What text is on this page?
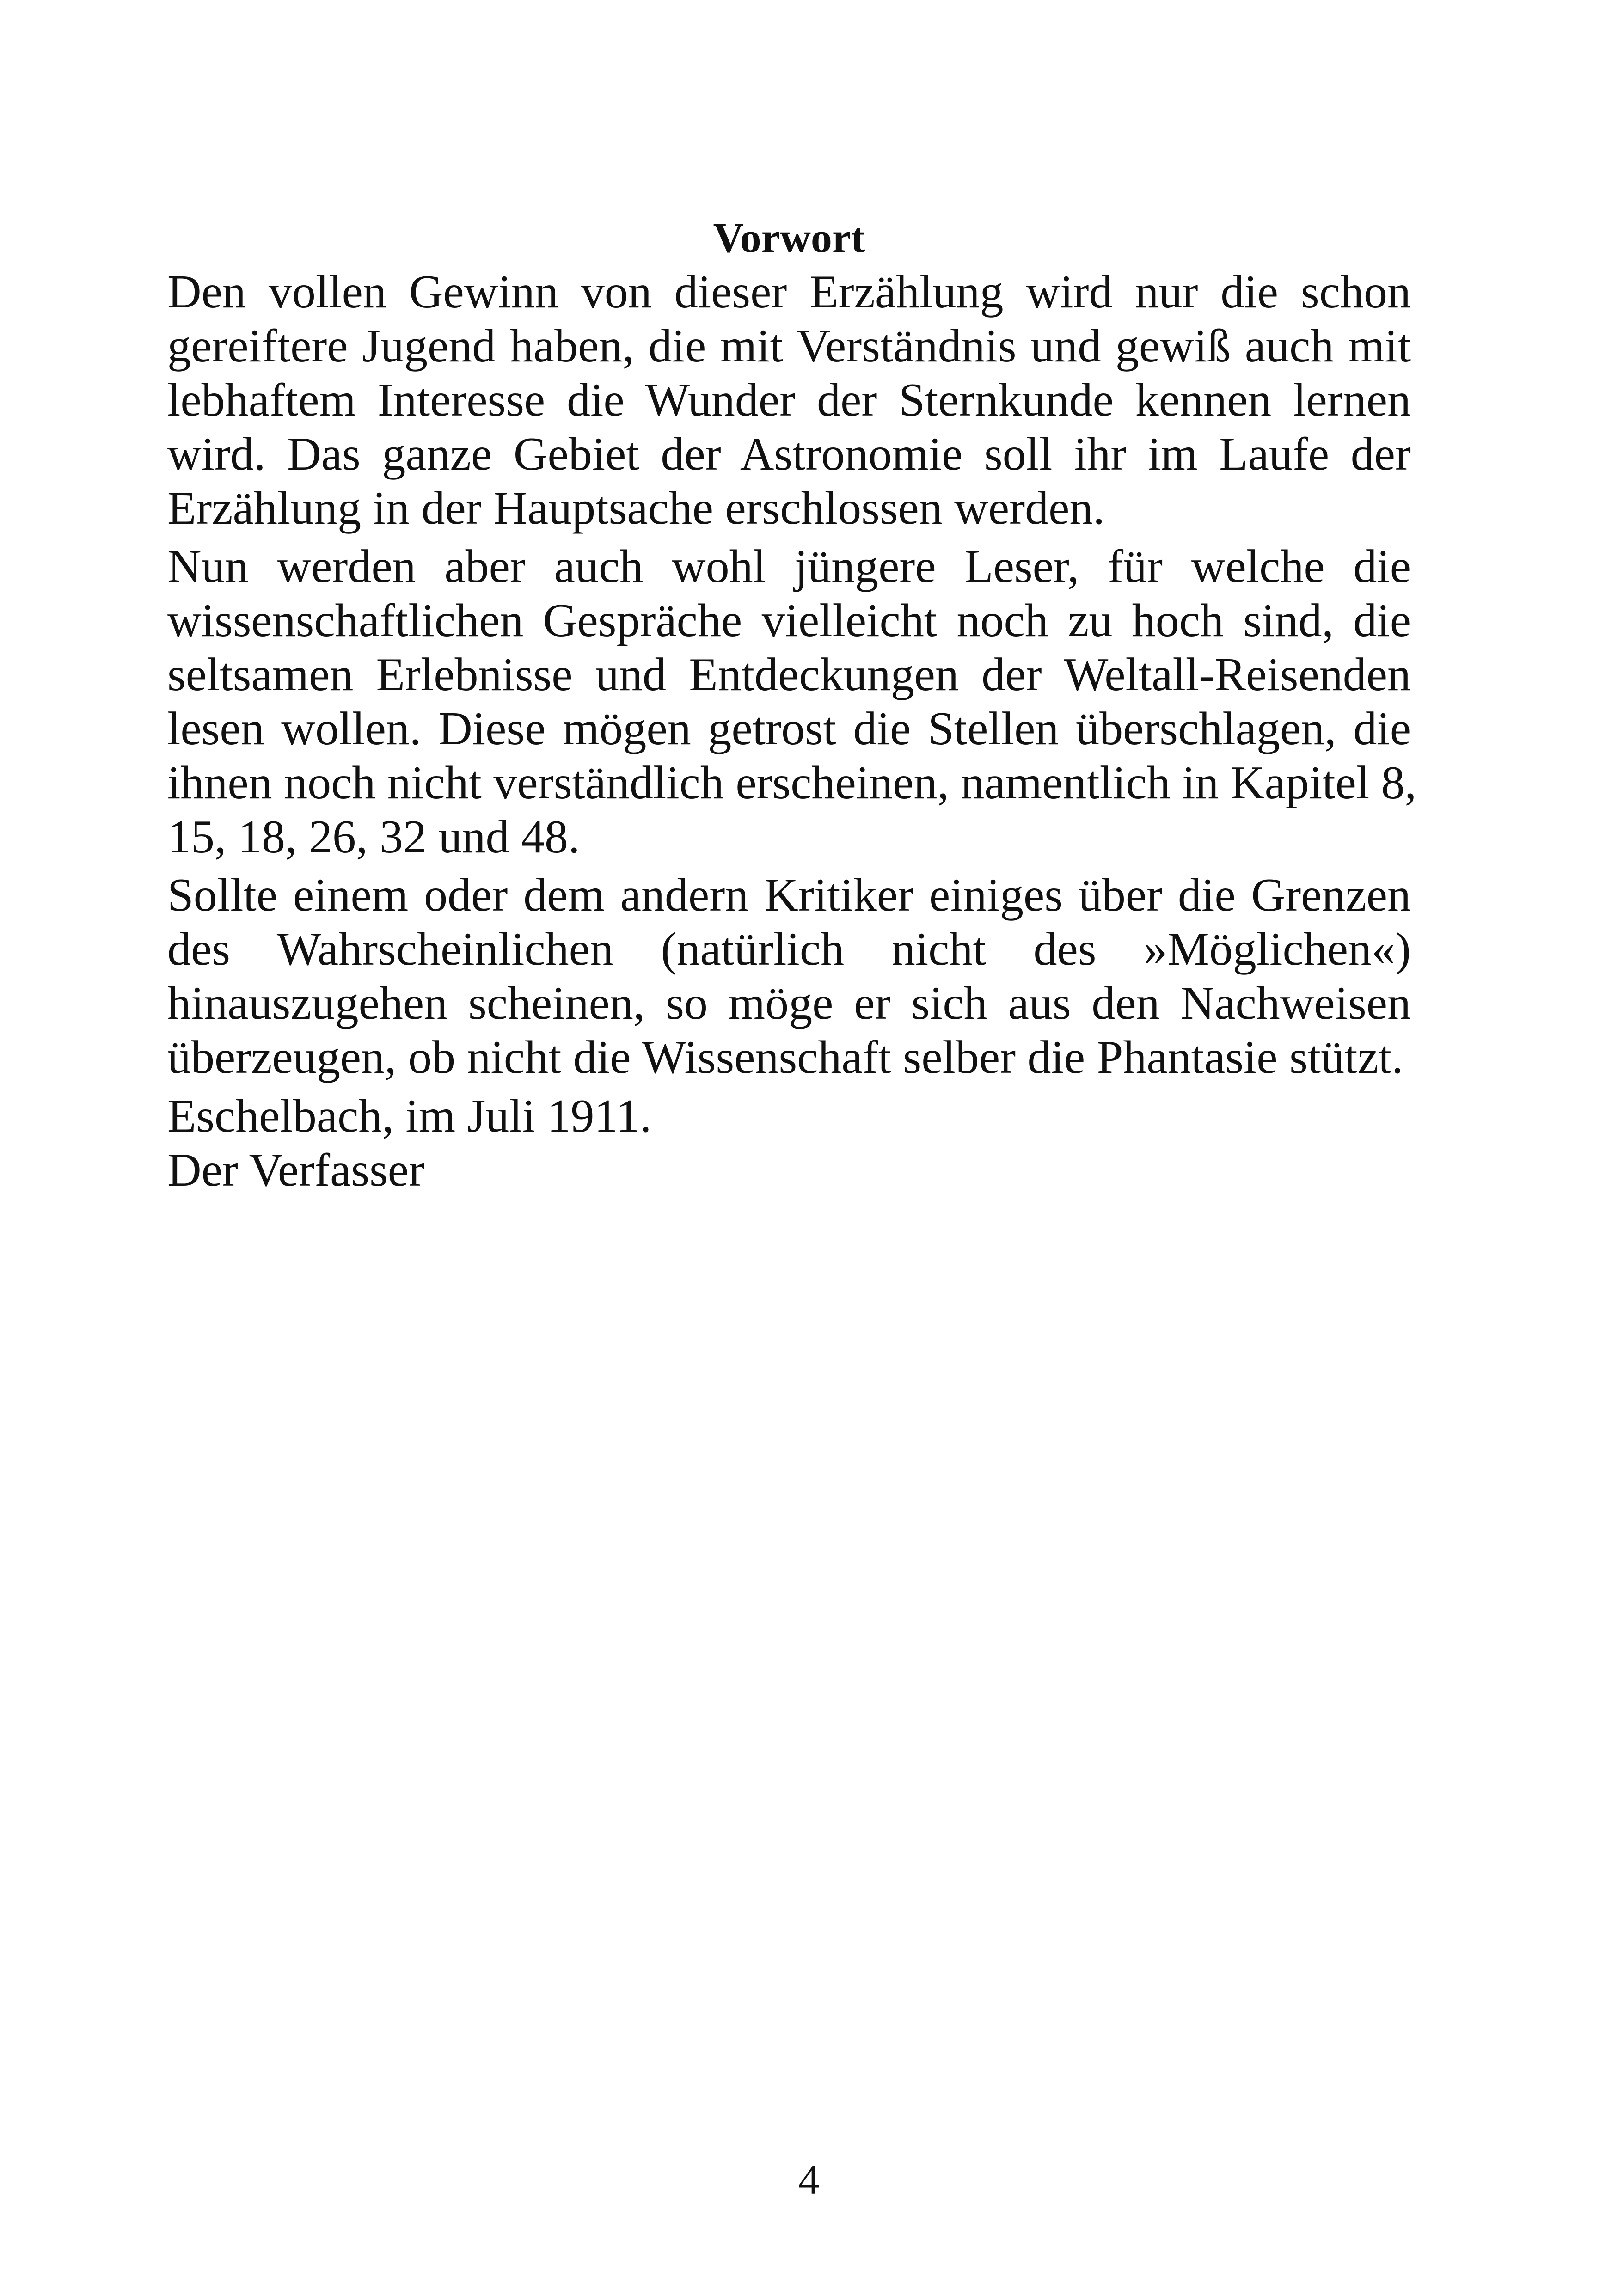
Vorwort

Den vollen Gewinn von dieser Erzählung wird nur die schon
gereiftere Jugend haben, die mit Verständnis und gewiß auch mit
lebhaftem Interesse die Wunder der Sternkunde kennen lernen
wird. Das ganze Gebiet der Astronomie soll ihr im Laufe der
Erzählung in der Hauptsache erschlossen werden.

Nun werden aber auch wohl jüngere Leser, für welche die
wissenschaftlichen Gespräche vielleicht noch zu hoch sind, die
seltsamen Erlebnisse und Entdeckungen der Weltall-Reisenden
lesen wollen. Diese mögen getrost die Stellen überschlagen, die
ihnen noch nicht verständlich erscheinen, namentlich in Kapitel 8,
15, 18, 26, 32 und 48.

Sollte einem oder dem andern Kritiker einiges über die Grenzen
des Wahrscheinlichen (natürlich nicht des »Möglichen«)
hinauszugehen scheinen, so möge er sich aus den Nachweisen
überzeugen, ob nicht die Wissenschaft selber die Phantasie stützt.

Eschelbach, im Juli 1911.

Der Verfasser

4
